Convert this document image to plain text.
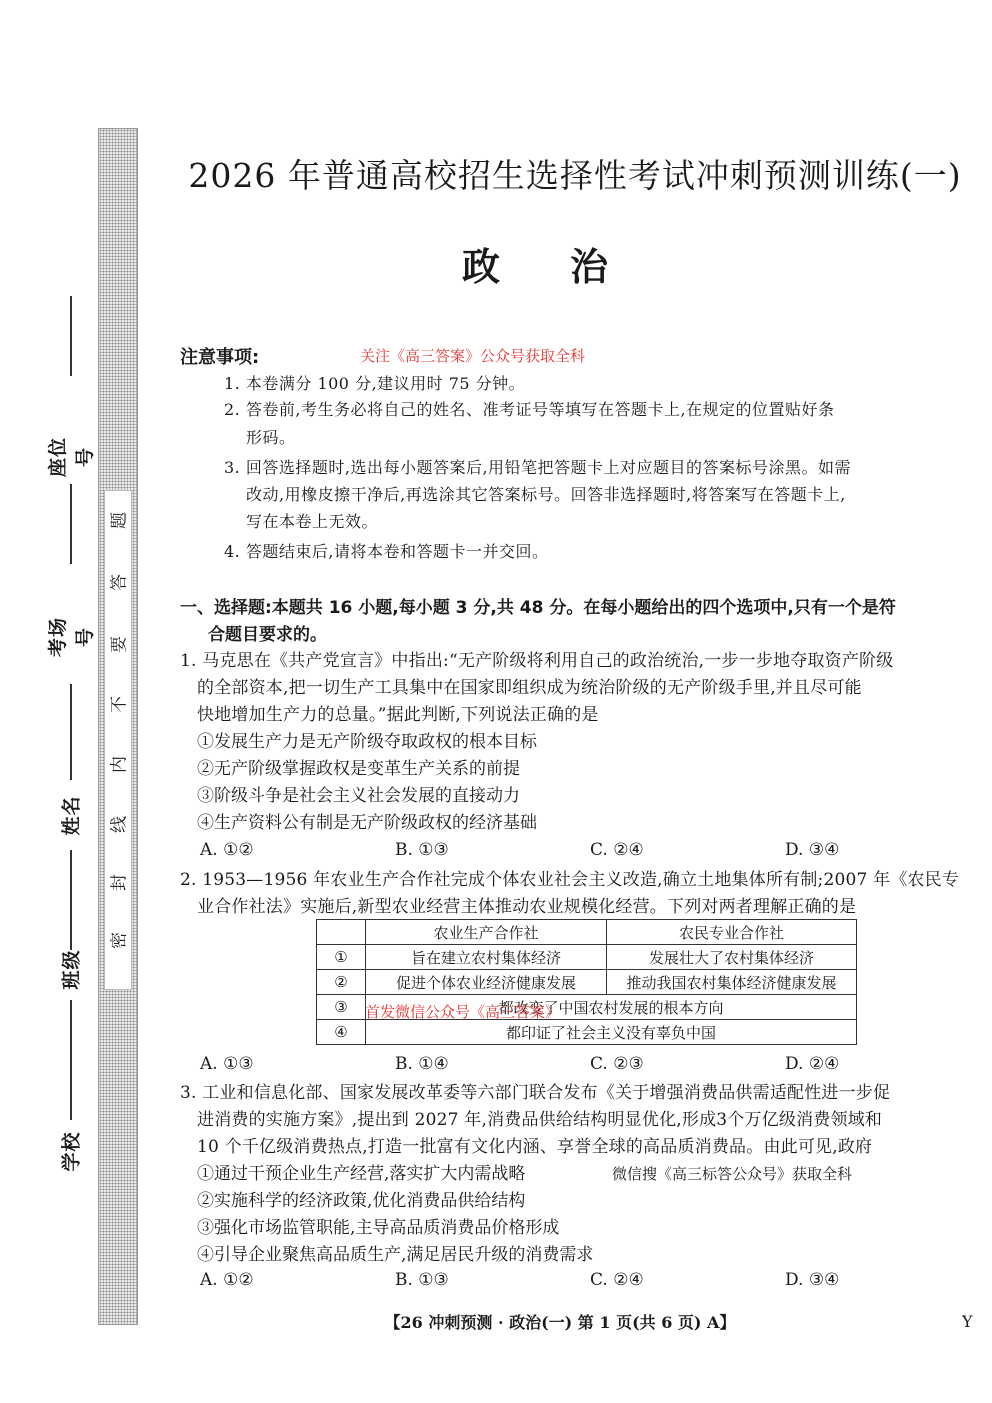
题
答
要
不
内
线
封
密
座位号
考场号
姓名
班级
学校
2026 年普通高校招生选择性考试冲刺预测训练(一)
政治
注意事项:	关注《高三答案》公众号获取全科
1. 本卷满分 100 分,建议用时 75 分钟。
2. 答卷前,考生务必将自己的姓名、准考证号等填写在答题卡上,在规定的位置贴好条
形码。
3. 回答选择题时,选出每小题答案后,用铅笔把答题卡上对应题目的答案标号涂黑。如需
改动,用橡皮擦干净后,再选涂其它答案标号。回答非选择题时,将答案写在答题卡上,
写在本卷上无效。
4. 答题结束后,请将本卷和答题卡一并交回。
一、选择题:本题共 16 小题,每小题 3 分,共 48 分。在每小题给出的四个选项中,只有一个是符
合题目要求的。
1. 马克思在《共产党宣言》中指出:“无产阶级将利用自己的政治统治,一步一步地夺取资产阶级
的全部资本,把一切生产工具集中在国家即组织成为统治阶级的无产阶级手里,并且尽可能
快地增加生产力的总量。”据此判断,下列说法正确的是
①发展生产力是无产阶级夺取政权的根本目标
②无产阶级掌握政权是变革生产关系的前提
③阶级斗争是社会主义社会发展的直接动力
④生产资料公有制是无产阶级政权的经济基础
A. ①②	B. ①③	C. ②④	D. ③④
2. 1953—1956 年农业生产合作社完成个体农业社会主义改造,确立土地集体所有制;2007 年《农民专
业合作社法》实施后,新型农业经营主体推动农业规模化经营。下列对两者理解正确的是
	农业生产合作社	农民专业合作社
①	旨在建立农村集体经济	发展壮大了农村集体经济
②	促进个体农业经济健康发展	推动我国农村集体经济健康发展
③	都改变了中国农村发展的根本方向	
④	都印证了社会主义没有辜负中国	
首发微信公众号《高三答案》
A. ①③	B. ①④	C. ②③	D. ②④
3. 工业和信息化部、国家发展改革委等六部门联合发布《关于增强消费品供需适配性进一步促
进消费的实施方案》,提出到 2027 年,消费品供给结构明显优化,形成3个万亿级消费领域和
10 个千亿级消费热点,打造一批富有文化内涵、享誉全球的高品质消费品。由此可见,政府
①通过干预企业生产经营,落实扩大内需战略	微信搜《高三标答公众号》获取全科
②实施科学的经济政策,优化消费品供给结构
③强化市场监管职能,主导高品质消费品价格形成
④引导企业聚焦高品质生产,满足居民升级的消费需求
A. ①②	B. ①③	C. ②④	D. ③④
【26 冲刺预测 · 政治(一) 第 1 页(共 6 页) A】	Y
